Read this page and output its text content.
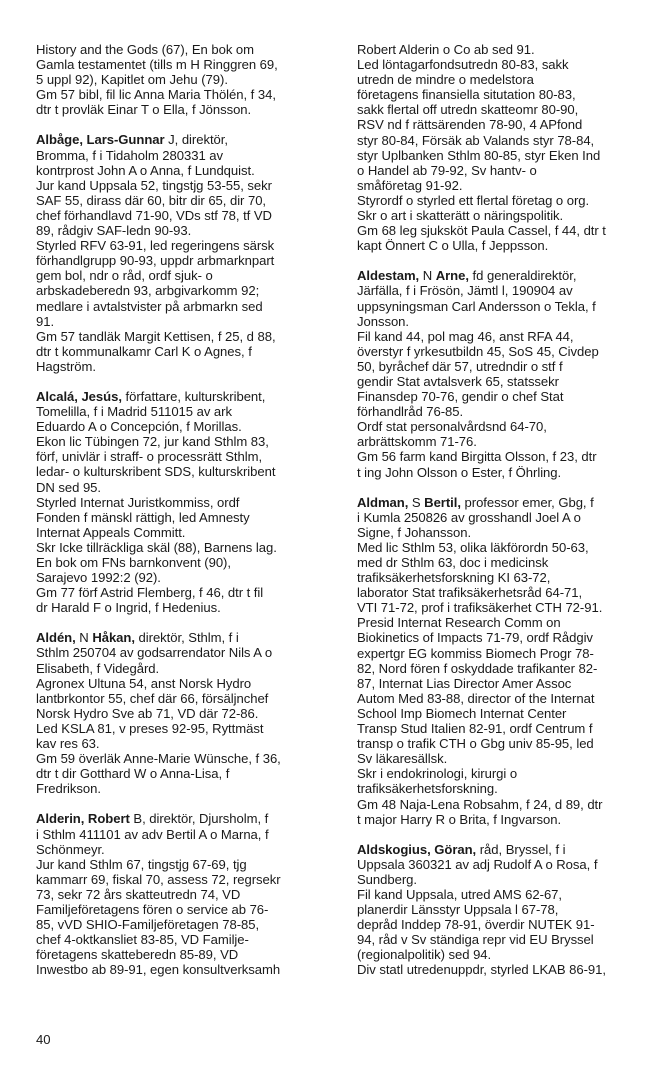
History and the Gods (67), En bok om
Gamla testamentet (tills m H Ringgren 69,
5 uppl 92), Kapitlet om Jehu (79).
Gm 57 bibl, fil lic Anna Maria Thölén, f 34,
dtr t provläk Einar T o Ella, f Jönsson.
Albåge, Lars-Gunnar J, direktör,
Bromma, f i Tidaholm 280331 av
kontrprost John A o Anna, f Lundquist.
Jur kand Uppsala 52, tingstjg 53-55, sekr
SAF 55, dirass där 60, bitr dir 65, dir 70,
chef förhandlavd 71-90, VDs stf 78, tf VD
89, rådgiv SAF-ledn 90-93.
Styrled RFV 63-91, led regeringens särsk
förhandlgrupp 90-93, uppdr arbmarknpart
gem bol, ndr o råd, ordf sjuk- o
arbskadeberedn 93, arbgivarkomm 92;
medlare i avtalstvister på arbmarkn sed
91.
Gm 57 tandläk Margit Kettisen, f 25, d 88,
dtr t kommunalkamr Carl K o Agnes, f
Hagström.
Alcalá, Jesús, författare, kulturskribent,
Tomelilla, f i Madrid 511015 av ark
Eduardo A o Concepción, f Morillas.
Ekon lic Tübingen 72, jur kand Sthlm 83,
förf, univlär i straff- o processrätt Sthlm,
ledar- o kulturskribent SDS, kulturskribent
DN sed 95.
Styrled Internat Juristkommiss, ordf
Fonden f mänskl rättigh, led Amnesty
Internat Appeals Committ.
Skr Icke tillräckliga skäl (88), Barnens lag.
En bok om FNs barnkonvent (90),
Sarajevo 1992:2 (92).
Gm 77 förf Astrid Flemberg, f 46, dtr t fil
dr Harald F o Ingrid, f Hedenius.
Aldén, N Håkan, direktör, Sthlm, f i
Sthlm 250704 av godsarrendator Nils A o
Elisabeth, f Videgård.
Agronex Ultuna 54, anst Norsk Hydro
lantbrkontor 55, chef där 66, försäljnchef
Norsk Hydro Sve ab 71, VD där 72-86.
Led KSLA 81, v preses 92-95, Ryttmäst
kav res 63.
Gm 59 överläk Anne-Marie Wünsche, f 36,
dtr t dir Gotthard W o Anna-Lisa, f
Fredrikson.
Alderin, Robert B, direktör, Djursholm, f
i Sthlm 411101 av adv Bertil A o Marna, f
Schönmeyr.
Jur kand Sthlm 67, tingstjg 67-69, tjg
kammarr 69, fiskal 70, assess 72, regrsekr
73, sekr 72 års skatteutredn 74, VD
Familjeföretagens fören o service ab 76-
85, vVD SHIO-Familjeföretagen 78-85,
chef 4-oktkansliet 83-85, VD Familje-
företagens skatteberedn 85-89, VD
Inwestbo ab 89-91, egen konsultverksamh
Robert Alderin o Co ab sed 91.
Led löntagarfondsutredn 80-83, sakk
utredn de mindre o medelstora
företagens finansiella situtation 80-83,
sakk flertal off utredn skatteomr 80-90,
RSV nd f rättsärenden 78-90, 4 APfond
styr 80-84, Försäk ab Valands styr 78-84,
styr Uplbanken Sthlm 80-85, styr Eken Ind
o Handel ab 79-92, Sv hantv- o
småföretag 91-92.
Styrordf o styrled ett flertal företag o org.
Skr o art i skatterätt o näringspolitik.
Gm 68 leg sjuksköt Paula Cassel, f 44, dtr t
kapt Önnert C o Ulla, f Jeppsson.
Aldestam, N Arne, fd generaldirektör,
Järfälla, f i Frösön, Jämtl l, 190904 av
uppsyningsman Carl Andersson o Tekla, f
Jonsson.
Fil kand 44, pol mag 46, anst RFA 44,
överstyr f yrkesutbildn 45, SoS 45, Civdep
50, byråchef där 57, utredndir o stf f
gendir Stat avtalsverk 65, statssekr
Finansdep 70-76, gendir o chef Stat
förhandlråd 76-85.
Ordf stat personalvårdsnd 64-70,
arbrättskomm 71-76.
Gm 56 farm kand Birgitta Olsson, f 23, dtr
t ing John Olsson o Ester, f Öhrling.
Aldman, S Bertil, professor emer, Gbg, f
i Kumla 250826 av grosshandl Joel A o
Signe, f Johansson.
Med lic Sthlm 53, olika läkförordn 50-63,
med dr Sthlm 63, doc i medicinsk
trafiksäkerhetsforskning KI 63-72,
laborator Stat trafiksäkerhetsråd 64-71,
VTI 71-72, prof i trafiksäkerhet CTH 72-91.
Presid Internat Research Comm on
Biokinetics of Impacts 71-79, ordf Rådgiv
expertgr EG kommiss Biomech Progr 78-
82, Nord fören f oskyddade trafikanter 82-
87, Internat Lias Director Amer Assoc
Autom Med 83-88, director of the Internat
School Imp Biomech Internat Center
Transp Stud Italien 82-91, ordf Centrum f
transp o trafik CTH o Gbg univ 85-95, led
Sv läkaresällsk.
Skr i endokrinologi, kirurgi o
trafiksäkerhetsforskning.
Gm 48 Naja-Lena Robsahm, f 24, d 89, dtr
t major Harry R o Brita, f Ingvarson.
Aldskogius, Göran, råd, Bryssel, f i
Uppsala 360321 av adj Rudolf A o Rosa, f
Sundberg.
Fil kand Uppsala, utred AMS 62-67,
planerdir Länsstyr Uppsala l 67-78,
depråd Inddep 78-91, överdir NUTEK 91-
94, råd v Sv ständiga repr vid EU Bryssel
(regionalpolitik) sed 94.
Div statl utredenuppdr, styrled LKAB 86-91,
40
